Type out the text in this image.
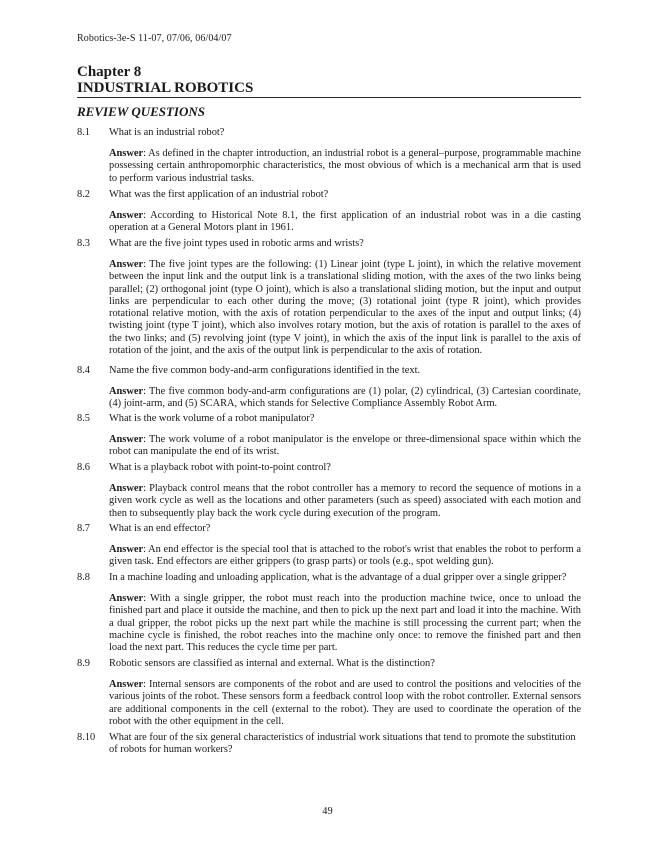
Robotics-3e-S 11-07, 07/06, 06/04/07
Chapter 8
INDUSTRIAL ROBOTICS
REVIEW QUESTIONS
8.1 What is an industrial robot?
Answer: As defined in the chapter introduction, an industrial robot is a general–purpose, programmable machine possessing certain anthropomorphic characteristics, the most obvious of which is a mechanical arm that is used to perform various industrial tasks.
8.2 What was the first application of an industrial robot?
Answer: According to Historical Note 8.1, the first application of an industrial robot was in a die casting operation at a General Motors plant in 1961.
8.3 What are the five joint types used in robotic arms and wrists?
Answer: The five joint types are the following: (1) Linear joint (type L joint), in which the relative movement between the input link and the output link is a translational sliding motion, with the axes of the two links being parallel; (2) orthogonal joint (type O joint), which is also a translational sliding motion, but the input and output links are perpendicular to each other during the move; (3) rotational joint (type R joint), which provides rotational relative motion, with the axis of rotation perpendicular to the axes of the input and output links; (4) twisting joint (type T joint), which also involves rotary motion, but the axis of rotation is parallel to the axes of the two links; and (5) revolving joint (type V joint), in which the axis of the input link is parallel to the axis of rotation of the joint, and the axis of the output link is perpendicular to the axis of rotation.
8.4 Name the five common body-and-arm configurations identified in the text.
Answer: The five common body-and-arm configurations are (1) polar, (2) cylindrical, (3) Cartesian coordinate, (4) joint-arm, and (5) SCARA, which stands for Selective Compliance Assembly Robot Arm.
8.5 What is the work volume of a robot manipulator?
Answer: The work volume of a robot manipulator is the envelope or three-dimensional space within which the robot can manipulate the end of its wrist.
8.6 What is a playback robot with point-to-point control?
Answer: Playback control means that the robot controller has a memory to record the sequence of motions in a given work cycle as well as the locations and other parameters (such as speed) associated with each motion and then to subsequently play back the work cycle during execution of the program.
8.7 What is an end effector?
Answer: An end effector is the special tool that is attached to the robot's wrist that enables the robot to perform a given task. End effectors are either grippers (to grasp parts) or tools (e.g., spot welding gun).
8.8 In a machine loading and unloading application, what is the advantage of a dual gripper over a single gripper?
Answer: With a single gripper, the robot must reach into the production machine twice, once to unload the finished part and place it outside the machine, and then to pick up the next part and load it into the machine. With a dual gripper, the robot picks up the next part while the machine is still processing the current part; when the machine cycle is finished, the robot reaches into the machine only once: to remove the finished part and then load the next part. This reduces the cycle time per part.
8.9 Robotic sensors are classified as internal and external. What is the distinction?
Answer: Internal sensors are components of the robot and are used to control the positions and velocities of the various joints of the robot. These sensors form a feedback control loop with the robot controller. External sensors are additional components in the cell (external to the robot). They are used to coordinate the operation of the robot with the other equipment in the cell.
8.10 What are four of the six general characteristics of industrial work situations that tend to promote the substitution of robots for human workers?
49
